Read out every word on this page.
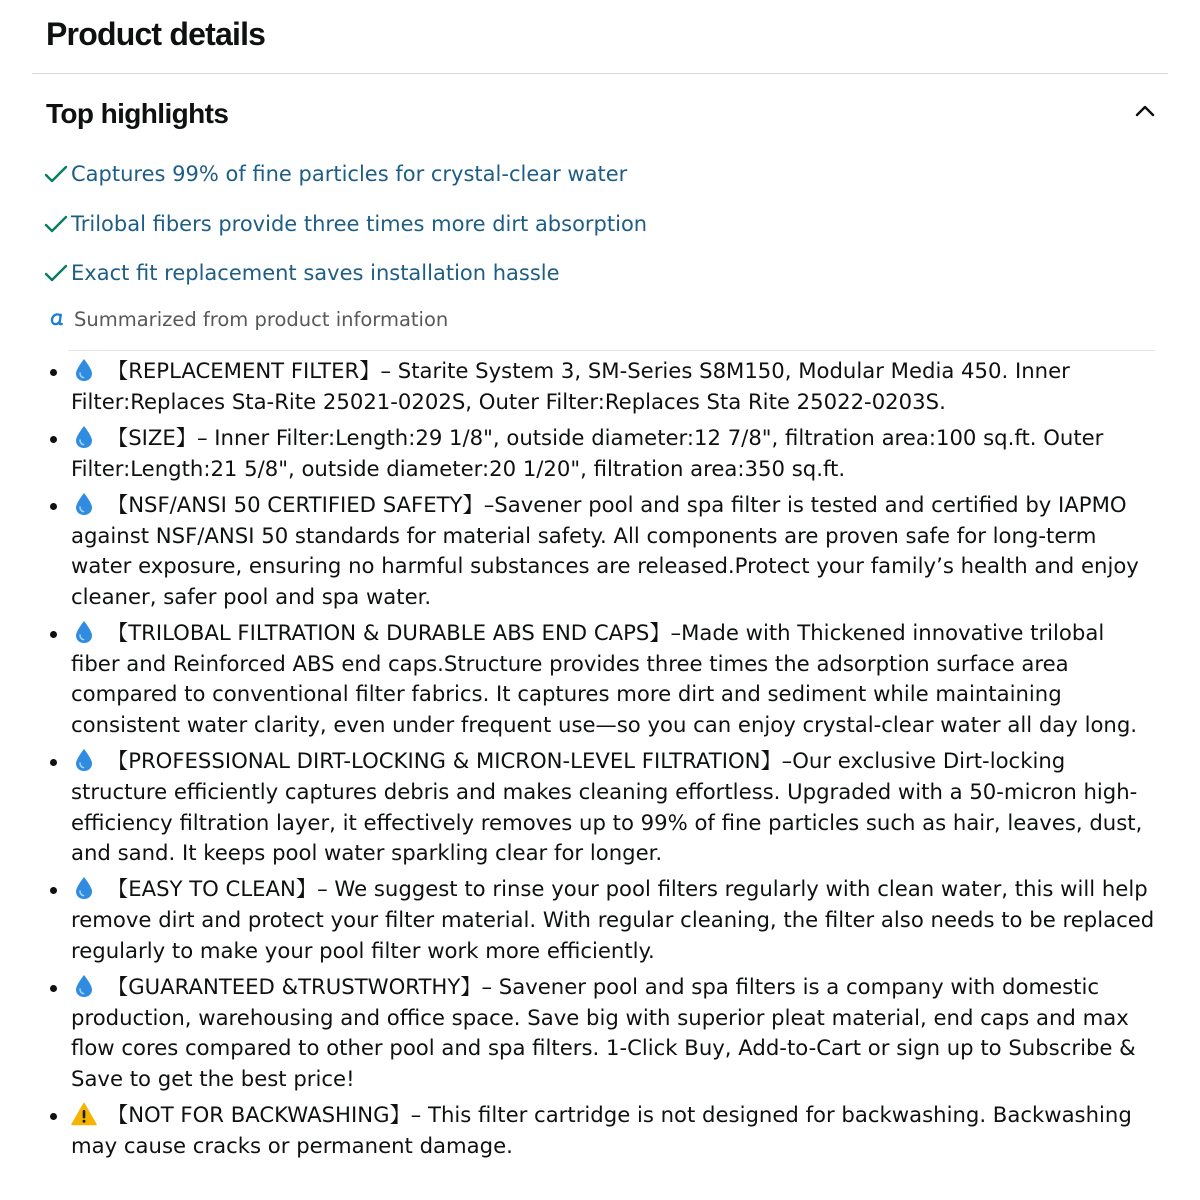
Product details
Top highlights
Captures 99% of fine particles for crystal-clear water
Trilobal fibers provide three times more dirt absorption
Exact fit replacement saves installation hassle
Summarized from product information
【REPLACEMENT FILTER】– Starite System 3, SM-Series S8M150, Modular Media 450. Inner Filter:Replaces Sta-Rite 25021-0202S, Outer Filter:Replaces Sta Rite 25022-0203S.
【SIZE】– Inner Filter:Length:29 1/8", outside diameter:12 7/8", filtration area:100 sq.ft. Outer Filter:Length:21 5/8", outside diameter:20 1/20", filtration area:350 sq.ft.
【NSF/ANSI 50 CERTIFIED SAFETY】–Savener pool and spa filter is tested and certified by IAPMO against NSF/ANSI 50 standards for material safety. All components are proven safe for long-term water exposure, ensuring no harmful substances are released.Protect your family’s health and enjoy cleaner, safer pool and spa water.
【TRILOBAL FILTRATION & DURABLE ABS END CAPS】–Made with Thickened innovative trilobal fiber and Reinforced ABS end caps.Structure provides three times the adsorption surface area compared to conventional filter fabrics. It captures more dirt and sediment while maintaining consistent water clarity, even under frequent use—so you can enjoy crystal-clear water all day long.
【PROFESSIONAL DIRT-LOCKING & MICRON-LEVEL FILTRATION】–Our exclusive Dirt-locking structure efficiently captures debris and makes cleaning effortless. Upgraded with a 50-micron high-efficiency filtration layer, it effectively removes up to 99% of fine particles such as hair, leaves, dust, and sand. It keeps pool water sparkling clear for longer.
【EASY TO CLEAN】– We suggest to rinse your pool filters regularly with clean water, this will help remove dirt and protect your filter material. With regular cleaning, the filter also needs to be replaced regularly to make your pool filter work more efficiently.
【GUARANTEED &TRUSTWORTHY】– Savener pool and spa filters is a company with domestic production, warehousing and office space. Save big with superior pleat material, end caps and max flow cores compared to other pool and spa filters. 1-Click Buy, Add-to-Cart or sign up to Subscribe & Save to get the best price!
【NOT FOR BACKWASHING】– This filter cartridge is not designed for backwashing. Backwashing may cause cracks or permanent damage.
